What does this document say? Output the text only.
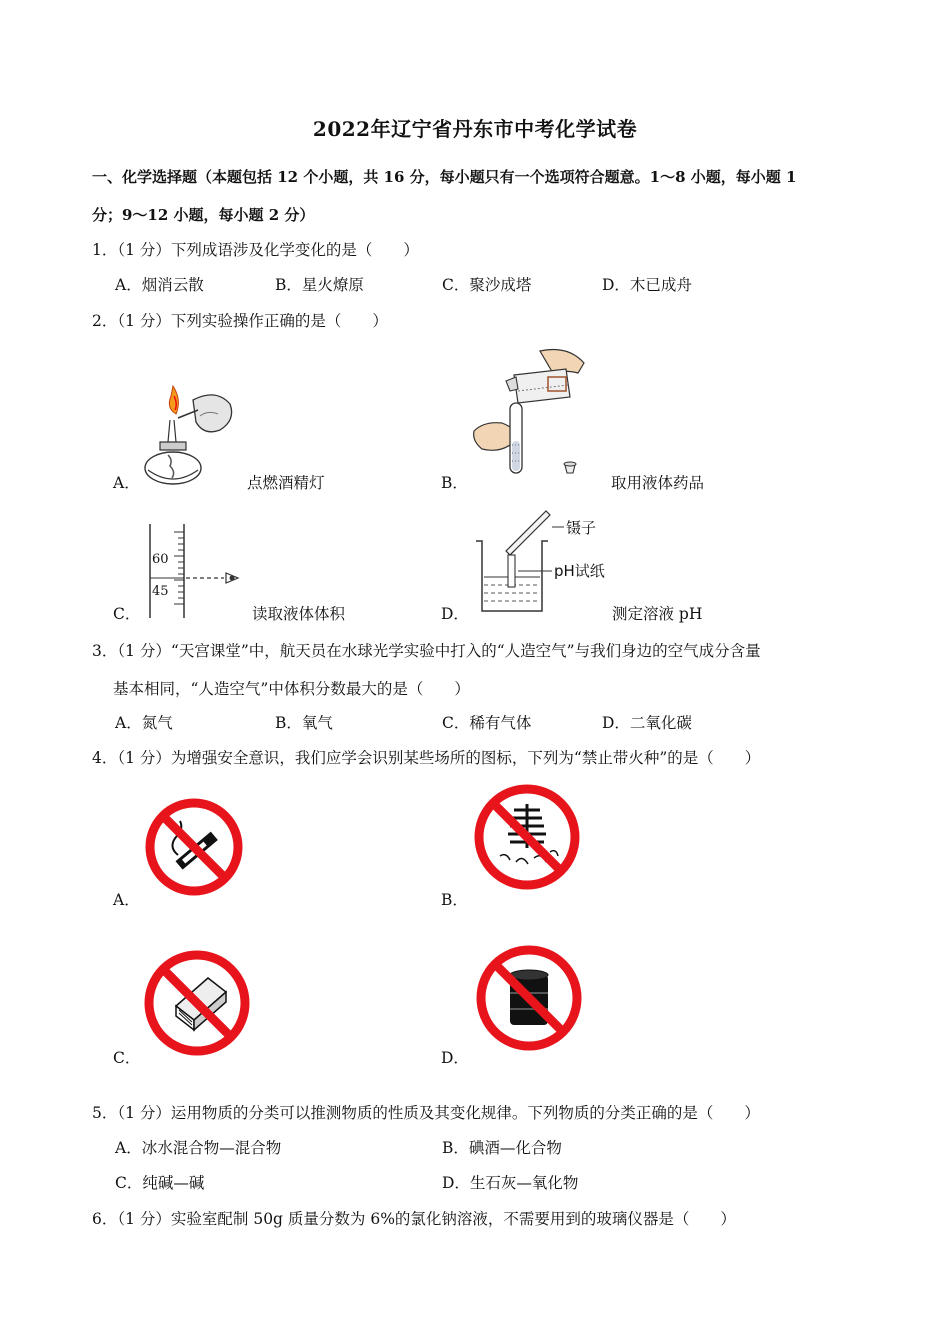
2022年辽宁省丹东市中考化学试卷
一、化学选择题（本题包括 12 个小题，共 16 分，每小题只有一个选项符合题意。1～8 小题，每小题 1
分；9～12 小题，每小题 2 分）
1．（1 分）下列成语涉及化学变化的是（　　）
A．烟消云散	B．星火燎原	C．聚沙成塔	D．木已成舟
2．（1 分）下列实验操作正确的是（　　）
A．	点燃酒精灯	B．	取用液体药品
60
45
C．	读取液体体积
镊子
pH试纸
D．	测定溶液 pH
3．（1 分）“天宫课堂”中，航天员在水球光学实验中打入的“人造空气”与我们身边的空气成分含量
基本相同，“人造空气”中体积分数最大的是（　　）
A．氮气	B．氧气	C．稀有气体	D．二氧化碳
4．（1 分）为增强安全意识，我们应学会识别某些场所的图标，下列为“禁止带火种”的是（　　）
A．	B．
C．	D．
5．（1 分）运用物质的分类可以推测物质的性质及其变化规律。下列物质的分类正确的是（　　）
A．冰水混合物—混合物	B．碘酒—化合物
C．纯碱—碱	D．生石灰—氧化物
6．（1 分）实验室配制 50g 质量分数为 6%的氯化钠溶液，不需要用到的玻璃仪器是（　　）
